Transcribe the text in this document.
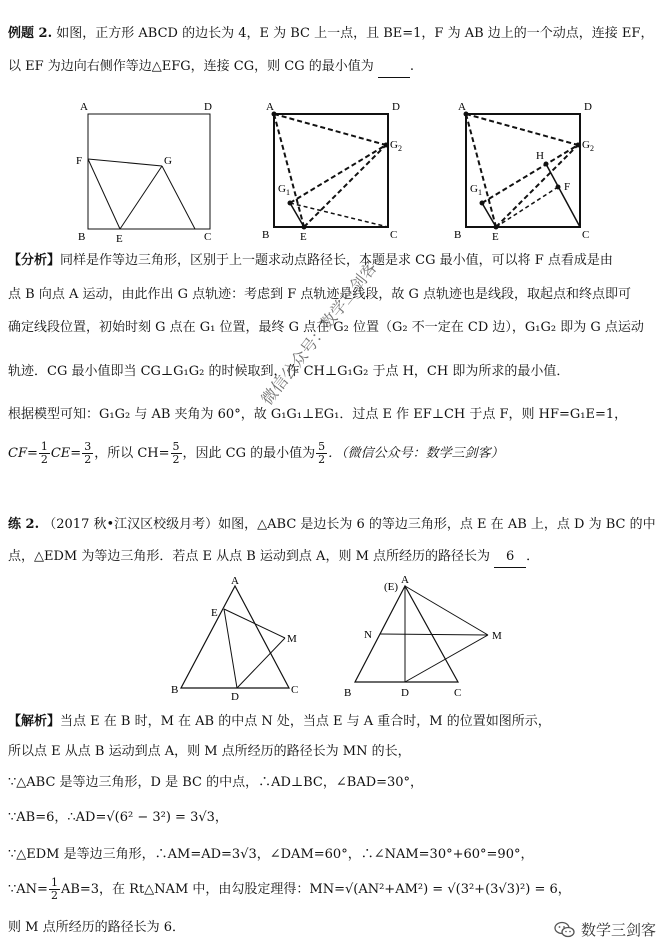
例题 2. 如图，正方形 ABCD 的边长为 4，E 为 BC 上一点，且 BE=1，F 为 AB 边上的一个动点，连接 EF，
以 EF 为边向右侧作等边△EFG，连接 CG，则 CG 的最小值为	.
A	D
F	G
B	E	C
A	D
$G_2$
$G_1$
B	E	C
A	D
$G_2$
H
F
$G_1$
B	E	C
【分析】同样是作等边三角形，区别于上一题求动点路径长，本题是求 CG 最小值，可以将 F 点看成是由
点 B 向点 A 运动，由此作出 G 点轨迹：考虑到 F 点轨迹是线段，故 G 点轨迹也是线段，取起点和终点即可
确定线段位置，初始时刻 G 点在 G₁ 位置，最终 G 点在 G₂ 位置（G₂ 不一定在 CD 边），G₁G₂ 即为 G 点运动
轨迹．CG 最小值即当 CG⊥G₁G₂ 的时候取到，作 CH⊥G₁G₂ 于点 H，CH 即为所求的最小值．
根据模型可知：G₁G₂ 与 AB 夹角为 60°，故 G₁G₁⊥EG₁．过点 E 作 EF⊥CH 于点 F，则 HF=G₁E=1，
$CF= \frac{1}{2} CE= \frac{3}{2}$ ，所以 $CH= \frac{5}{2}$ ，因此 CG 的最小值为 $\frac{5}{2}$ ．（微信公众号：数学三剑客）
微信公众号：数学三剑客
练 2. （2017 秋•江汉区校级月考）如图，△ABC 是边长为 6 的等边三角形，点 E 在 AB 上，点 D 为 BC 的中
点，△EDM 为等边三角形．若点 E 从点 B 运动到点 A，则 M 点所经历的路径长为 6 ．
A
E
M
B
D
C
(E)
A
N	M
B	D	C
【解析】当点 E 在 B 时，M 在 AB 的中点 N 处，当点 E 与 A 重合时，M 的位置如图所示，
所以点 E 从点 B 运动到点 A，则 M 点所经历的路径长为 MN 的长，
∵△ABC 是等边三角形，D 是 BC 的中点，∴AD⊥BC，∠BAD=30°，
∵AB=6，∴AD=√(6² − 3²) = 3√3，
∵△EDM 是等边三角形，∴AM=AD=3√3，∠DAM=60°，∴∠NAM=30°+60°=90°，
∵AN= $\frac{1}{2} AB=3$，在 Rt△NAM 中，由勾股定理得：MN=√(AN²+AM²) = √(3²+(3√3)²) = 6，
则 M 点所经历的路径长为 6．	数学三剑客
